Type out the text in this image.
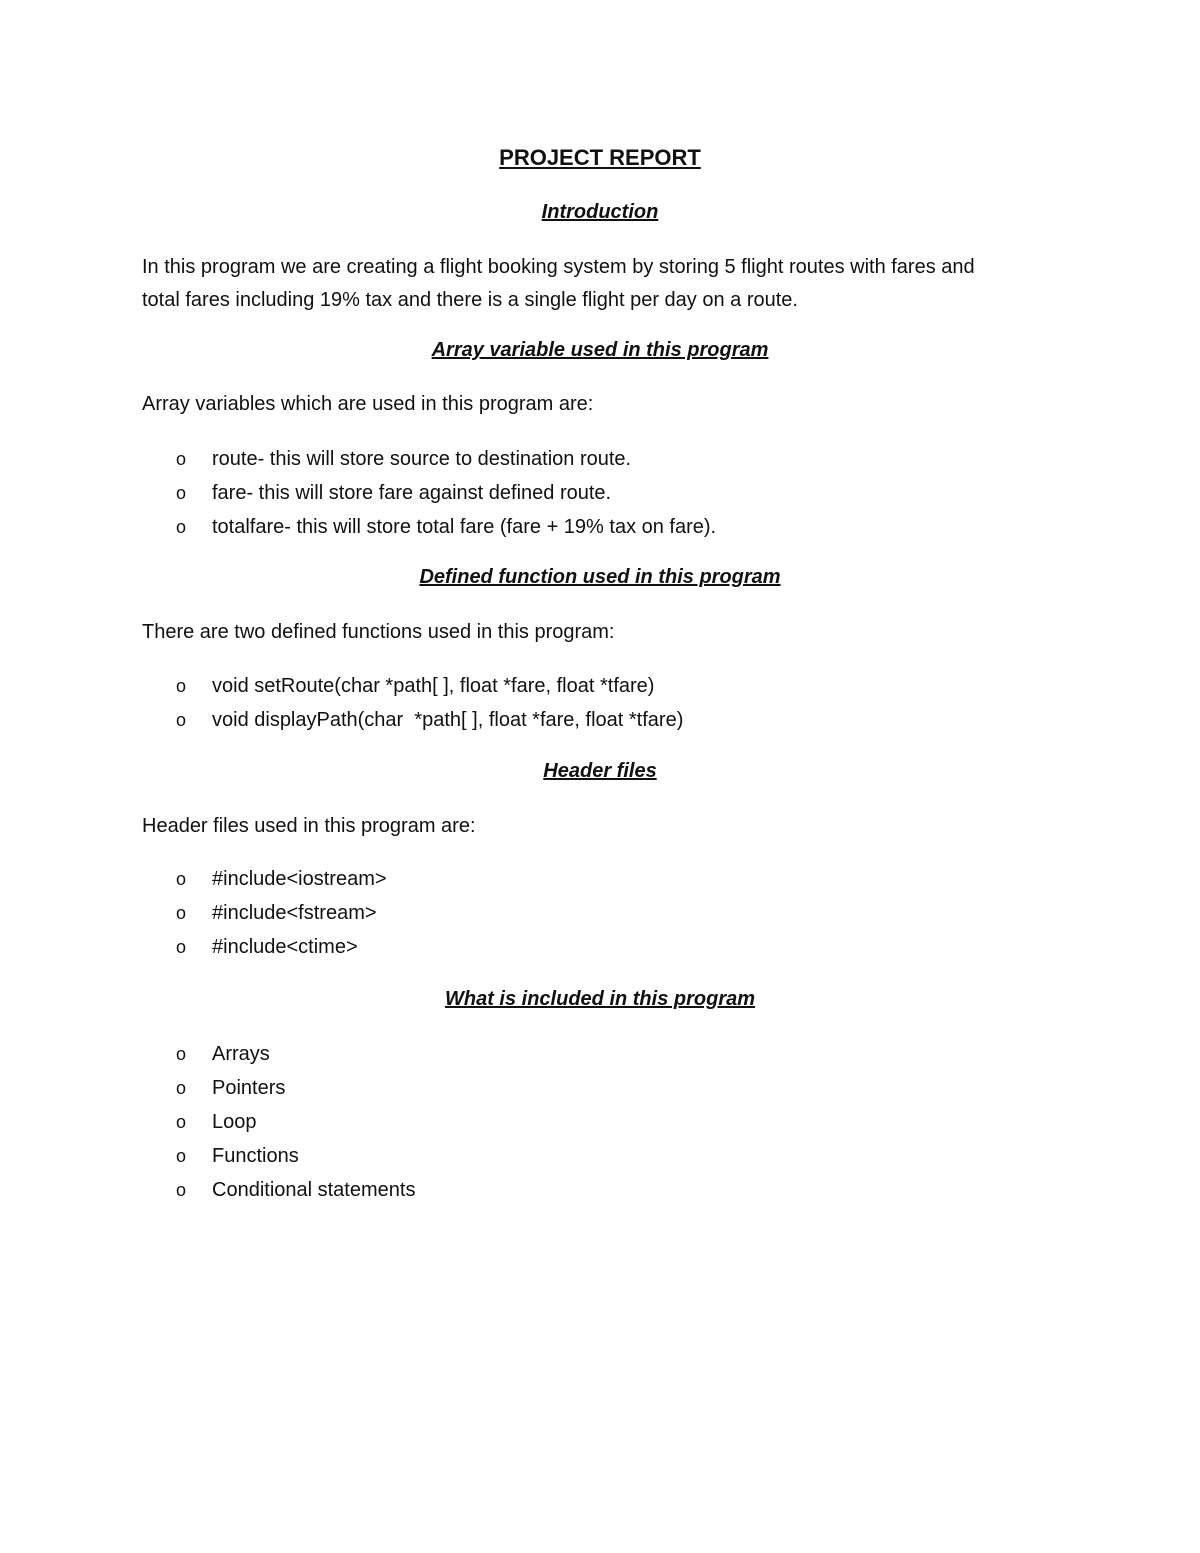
PROJECT REPORT
Introduction
In this program we are creating a flight booking system by storing 5 flight routes with fares and
total fares including 19% tax and there is a single flight per day on a route.
Array variable used in this program

Array variables which are used in this program are:

o route- this will store source to destination route.
o fare- this will store fare against defined route.
o totalfare- this will store total fare (fare + 19% tax on fare).
Defined function used in this program

There are two defined functions used in this program:

o void setRoute(char *path[ ], float *fare, float *tfare)
o void displayPath(char  *path[ ], float *fare, float *tfare)
Header files

Header files used in this program are:

o #include<iostream>
o #include<fstream>
o #include<ctime>
What is included in this program
o Arrays
o Pointers
o Loop
o Functions
o Conditional statements
